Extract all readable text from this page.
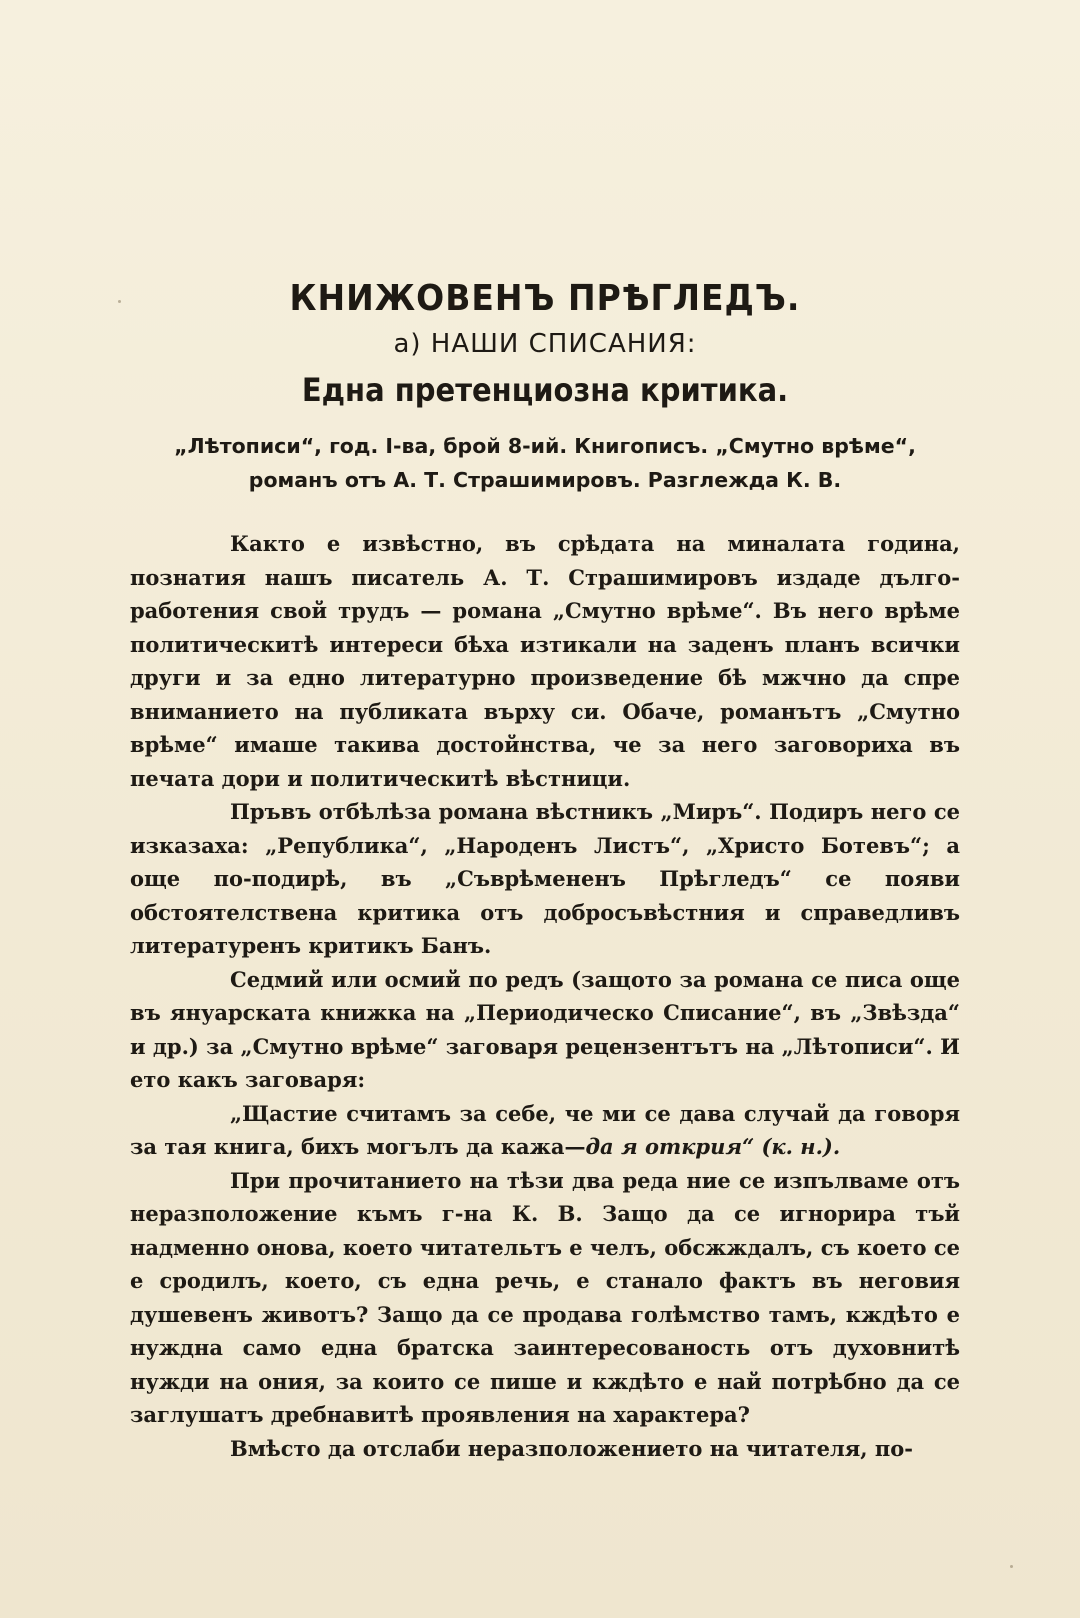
КНИЖОВЕНЪ ПРѢГЛЕДЪ.
а) НАШИ СПИСАНИЯ:
Една претенциозна критика.
„Лѣтописи“, год. I-ва, брой 8-ий. Книгописъ. „Смутно врѣме“,
романъ отъ А. Т. Страшимировъ. Разглежда К. В.

Както е извѣстно, въ срѣдата на миналата година, познатия нашъ писатель А. Т. Страшимировъ издаде дълго-работения свой трудъ — романа „Смутно врѣме“. Въ него врѣме политическитѣ интереси бѣха изтикали на заденъ планъ всички други и за едно литературно произведение бѣ мжчно да спре вниманието на публиката върху си. Обаче, романътъ „Смутно врѣме“ имаше такива достойнства, че за него заговориха въ печата дори и политическитѣ вѣстници.

Пръвъ отбѣлѣза романа вѣстникъ „Миръ“. Подиръ него се изказаха: „Република“, „Народенъ Листъ“, „Христо Ботевъ“; а още по-подирѣ, въ „Съврѣмененъ Прѣгледъ“ се появи обстоятелствена критика отъ добросъвѣстния и справедливъ литературенъ критикъ Банъ.

Седмий или осмий по редъ (защото за романа се писа още въ януарската книжка на „Периодическо Списание“, въ „Звѣзда“ и др.) за „Смутно врѣме“ заговаря рецензентътъ на „Лѣтописи“. И ето какъ заговаря:

„Щастие считамъ за себе, че ми се дава случай да говоря за тая книга, бихъ могълъ да кажа—да я открия“ (к. н.).

При прочитанието на тѣзи два реда ние се изпълваме отъ неразположение къмъ г-на К. В. Защо да се игнорира тъй надменно онова, което читательтъ е челъ, обсжждалъ, съ което се е сродилъ, което, съ една речь, е станало фактъ въ неговия душевенъ животъ? Защо да се продава голѣмство тамъ, кждѣто е нуждна само една братска заинтересованость отъ духовнитѣ нужди на ония, за които се пише и кждѣто е най потрѣбно да се заглушатъ дребнавитѣ проявления на характера?

Вмѣсто да отслаби неразположението на читателя, по-
